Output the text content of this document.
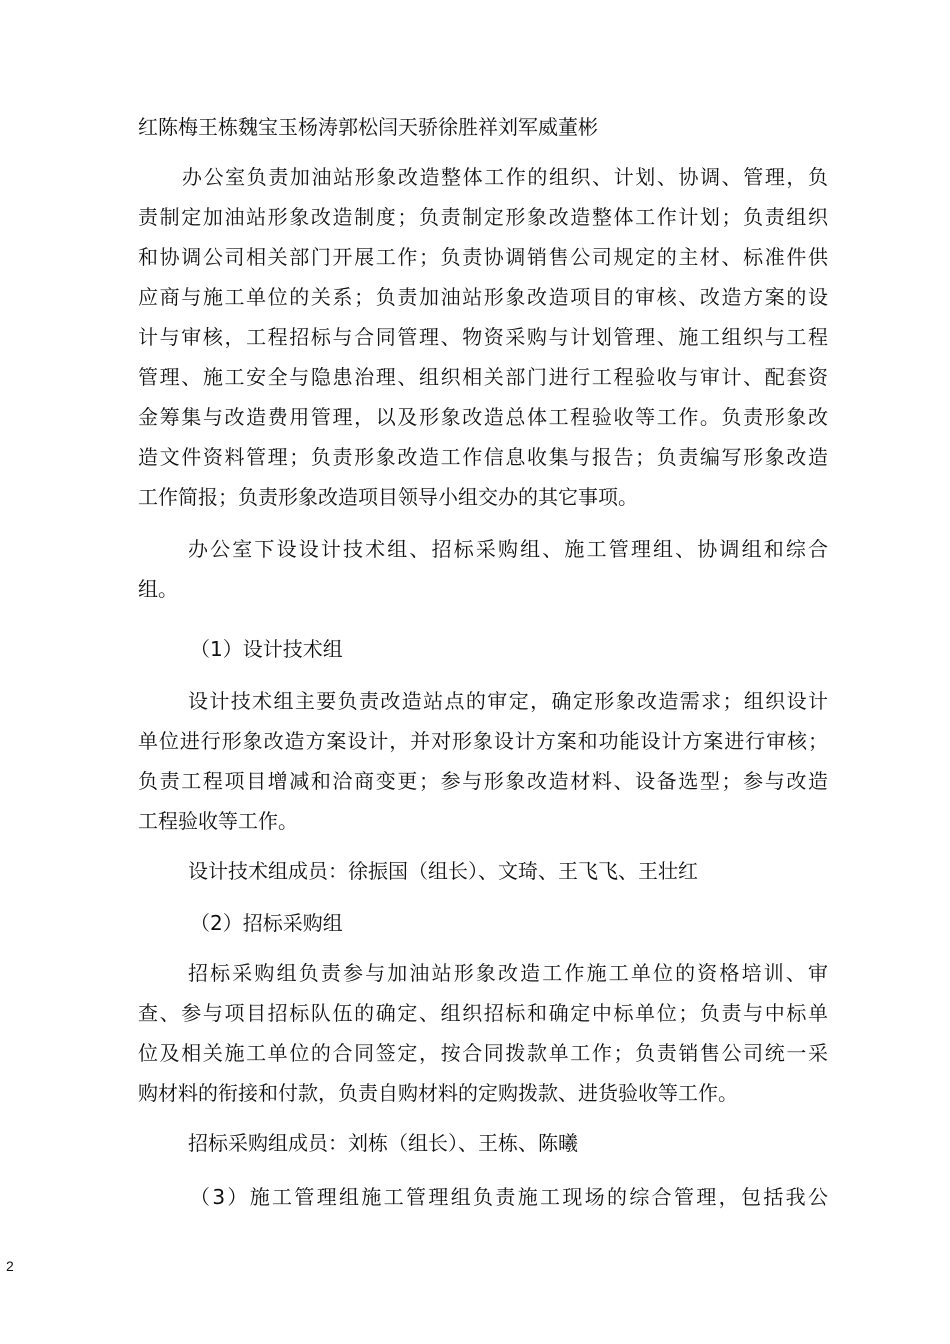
红陈梅王栋魏宝玉杨涛郭松闫天骄徐胜祥刘军威董彬
办公室负责加油站形象改造整体工作的组织、计划、协调、管理，负
责制定加油站形象改造制度；负责制定形象改造整体工作计划；负责组织
和协调公司相关部门开展工作；负责协调销售公司规定的主材、标准件供
应商与施工单位的关系；负责加油站形象改造项目的审核、改造方案的设
计与审核，工程招标与合同管理、物资采购与计划管理、施工组织与工程
管理、施工安全与隐患治理、组织相关部门进行工程验收与审计、配套资
金筹集与改造费用管理，以及形象改造总体工程验收等工作。负责形象改
造文件资料管理；负责形象改造工作信息收集与报告；负责编写形象改造
工作简报；负责形象改造项目领导小组交办的其它事项。
办公室下设设计技术组、招标采购组、施工管理组、协调组和综合
组。
（1）设计技术组
设计技术组主要负责改造站点的审定，确定形象改造需求；组织设计
单位进行形象改造方案设计，并对形象设计方案和功能设计方案进行审核；
负责工程项目增减和洽商变更；参与形象改造材料、设备选型；参与改造
工程验收等工作。
设计技术组成员：徐振国（组长）、文琦、王飞飞、王壮红
（2）招标采购组
招标采购组负责参与加油站形象改造工作施工单位的资格培训、审
查、参与项目招标队伍的确定、组织招标和确定中标单位；负责与中标单
位及相关施工单位的合同签定，按合同拨款单工作；负责销售公司统一采
购材料的衔接和付款，负责自购材料的定购拨款、进货验收等工作。
招标采购组成员：刘栋（组长）、王栋、陈曦
（3）施工管理组施工管理组负责施工现场的综合管理，包括我公
2
